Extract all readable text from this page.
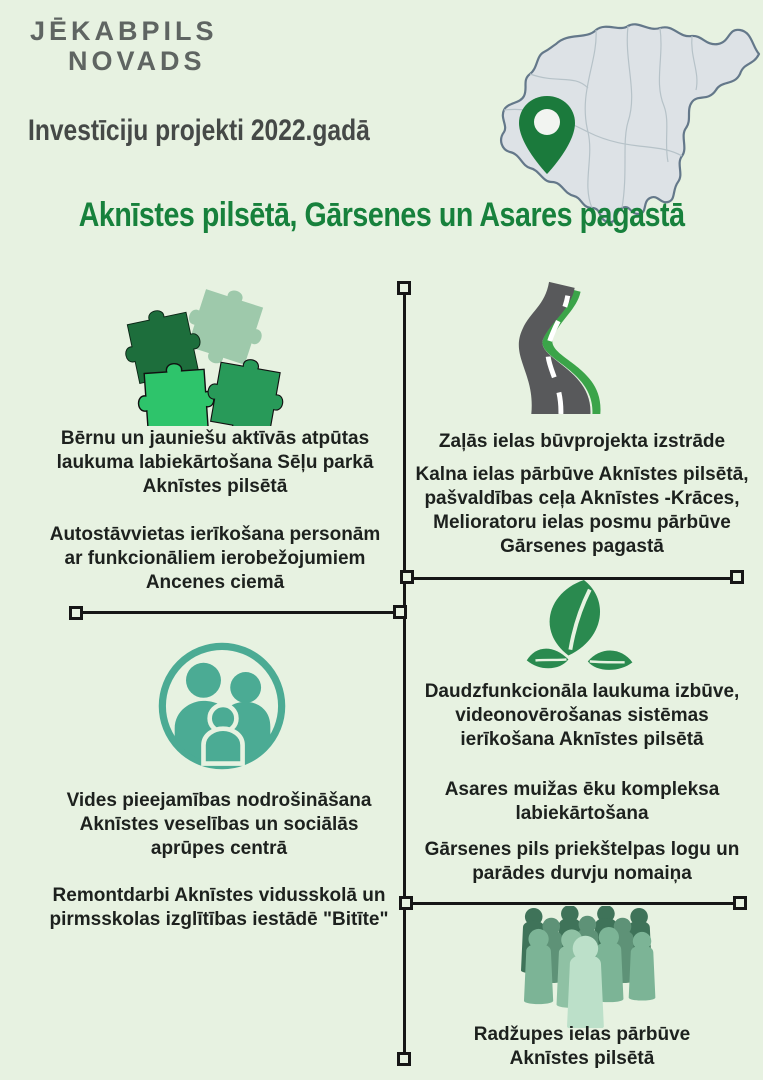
JĒKABPILS
NOVADS
Investīciju projekti 2022.gadā
Aknīstes pilsētā, Gārsenes un Asares pagastā
Bērnu un jauniešu aktīvās atpūtas laukuma labiekārtošana Sēļu parkā Aknīstes pilsētā
Autostāvvietas ierīkošana personām ar funkcionāliem ierobežojumiem Ancenes ciemā
Zaļās ielas būvprojekta izstrāde
Kalna ielas pārbūve Aknīstes pilsētā, pašvaldības ceļa Aknīstes -Krāces, Melioratoru ielas posmu pārbūve Gārsenes pagastā
Daudzfunkcionāla laukuma izbūve, videonovērošanas sistēmas ierīkošana Aknīstes pilsētā
Asares muižas ēku kompleksa labiekārtošana
Gārsenes pils priekštelpas logu un parādes durvju nomaiņa
Vides pieejamības nodrošināšana Aknīstes veselības un sociālās aprūpes centrā
Remontdarbi Aknīstes vidusskolā un pirmsskolas izglītības iestādē "Bitīte"
Radžupes ielas pārbūve Aknīstes pilsētā
